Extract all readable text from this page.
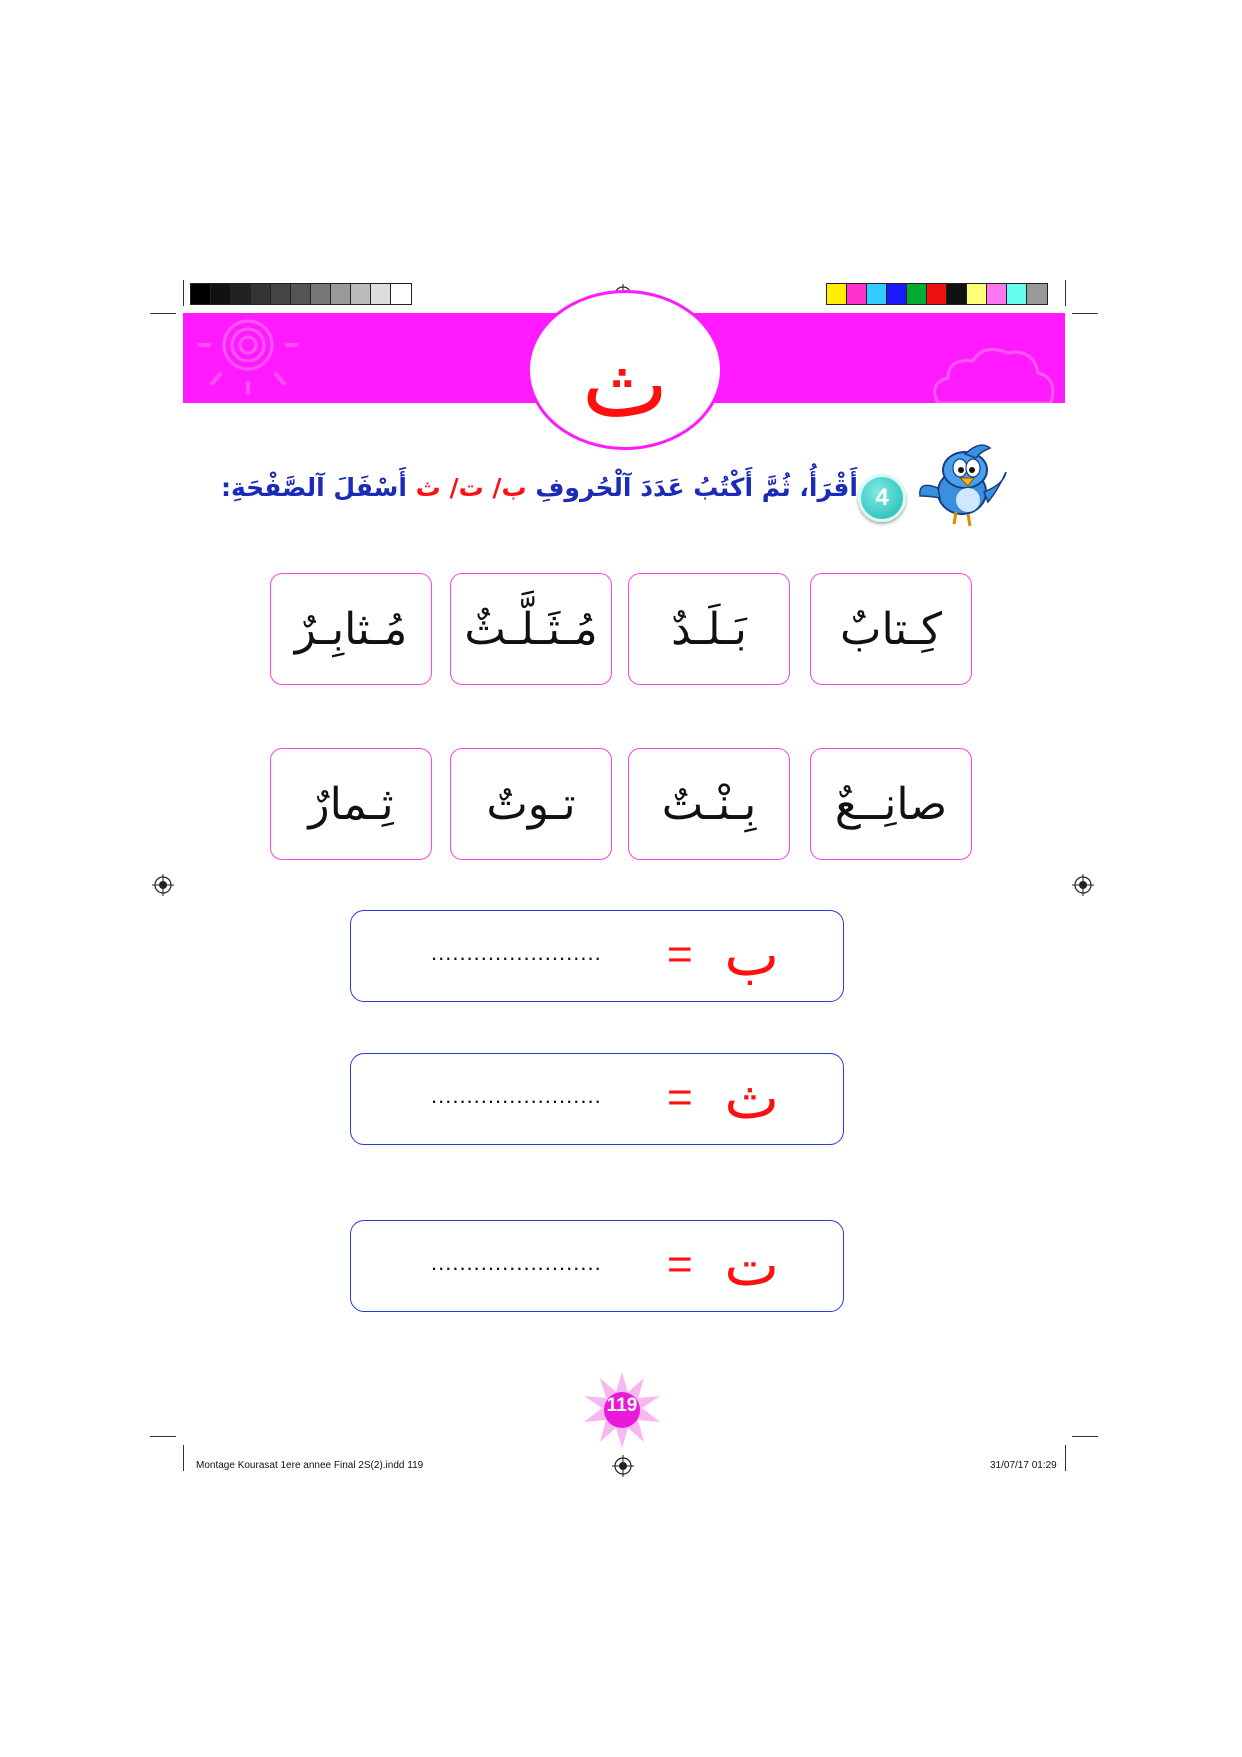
ث
4
أَقْرَأُ، ثُمَّ أَكْتُبُ عَدَدَ آلْحُروفِ ب/ ت/ ث أَسْفَلَ آلصَّفْحَةِ:
كِـتابٌ
بَـلَـدٌ
مُـثَـلَّـثٌ
مُـثابِـرٌ
صانِــعٌ
بِـنْـتٌ
تـوتٌ
ثِـمارٌ
ب
=
........................
ث
=
........................
ت
=
........................
119
Montage Kourasat 1ere annee Final 2S(2).indd 119	31/07/17 01:29
